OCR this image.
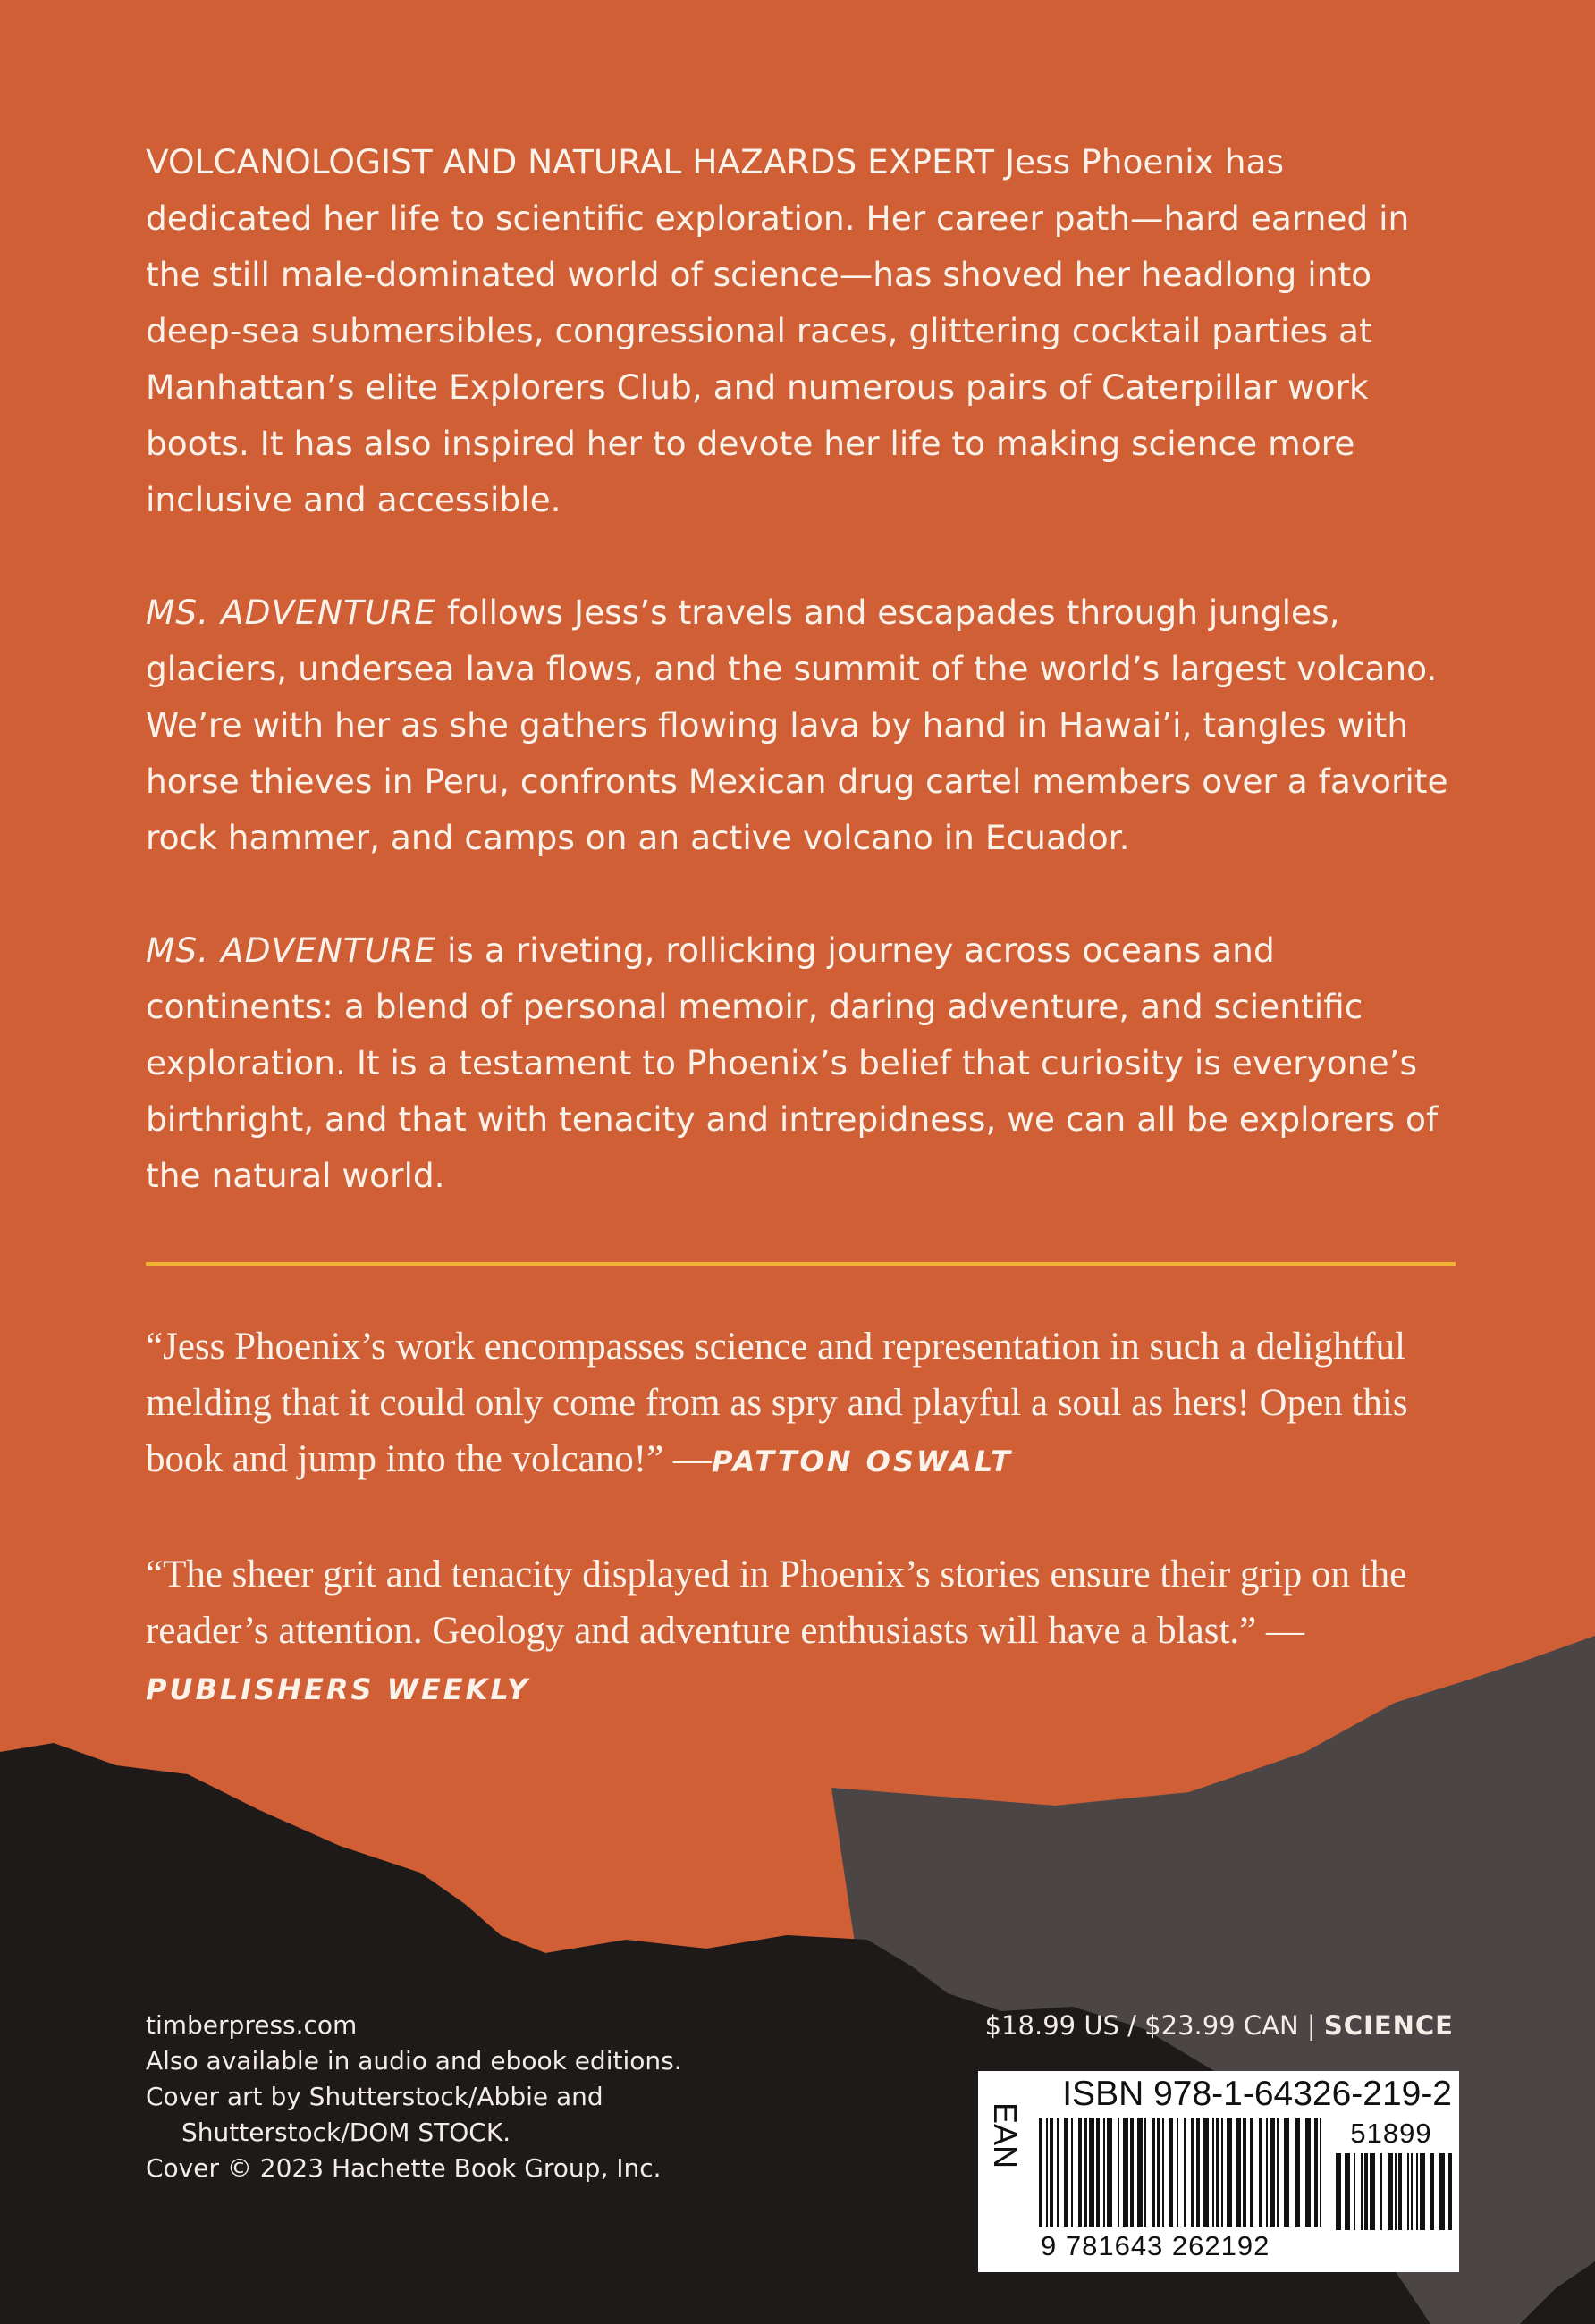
VOLCANOLOGIST AND NATURAL HAZARDS EXPERT Jess Phoenix has dedicated her life to scientific exploration. Her career path—hard earned in the still male-dominated world of science—has shoved her headlong into deep-sea submersibles, congressional races, glittering cocktail parties at Manhattan’s elite Explorers Club, and numerous pairs of Caterpillar work boots. It has also inspired her to devote her life to making science more inclusive and accessible.

MS. ADVENTURE follows Jess’s travels and escapades through jungles, glaciers, undersea lava flows, and the summit of the world’s largest volcano. We’re with her as she gathers flowing lava by hand in Hawai’i, tangles with horse thieves in Peru, confronts Mexican drug cartel members over a favorite rock hammer, and camps on an active volcano in Ecuador.

MS. ADVENTURE is a riveting, rollicking journey across oceans and continents: a blend of personal memoir, daring adventure, and scientific exploration. It is a testament to Phoenix’s belief that curiosity is everyone’s birthright, and that with tenacity and intrepidness, we can all be explorers of the natural world.

“Jess Phoenix’s work encompasses science and representation in such a delightful melding that it could only come from as spry and playful a soul as hers! Open this book and jump into the volcano!” —PATTON OSWALT

“The sheer grit and tenacity displayed in Phoenix’s stories ensure their grip on the reader’s attention. Geology and adventure enthusiasts will have a blast.” —PUBLISHERS WEEKLY

timberpress.com
Also available in audio and ebook editions.
Cover art by Shutterstock/Abbie and
Shutterstock/DOM STOCK.
Cover © 2023 Hachette Book Group, Inc.
$18.99 US / $23.99 CAN | SCIENCE
ISBN 978-1-64326-219-2
EAN	51899
9 781643 262192
